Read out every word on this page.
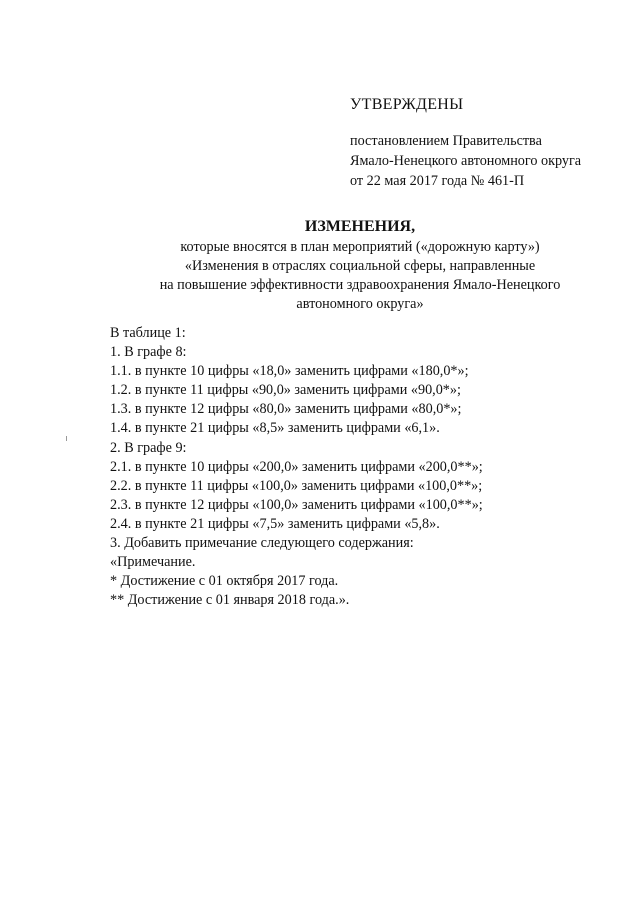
УТВЕРЖДЕНЫ
постановлением Правительства
Ямало-Ненецкого автономного округа
от 22 мая 2017 года № 461-П
ИЗМЕНЕНИЯ,
которые вносятся в план мероприятий («дорожную карту»)
«Изменения в отраслях социальной сферы, направленные
на повышение эффективности здравоохранения Ямало-Ненецкого
автономного округа»
В таблице 1:
1. В графе 8:
1.1. в пункте 10 цифры «18,0» заменить цифрами «180,0*»;
1.2. в пункте 11 цифры «90,0» заменить цифрами «90,0*»;
1.3. в пункте 12 цифры «80,0» заменить цифрами «80,0*»;
1.4. в пункте 21 цифры «8,5» заменить цифрами «6,1».
2. В графе 9:
2.1. в пункте 10 цифры «200,0» заменить цифрами «200,0**»;
2.2. в пункте 11 цифры «100,0» заменить цифрами «100,0**»;
2.3. в пункте 12 цифры «100,0» заменить цифрами «100,0**»;
2.4. в пункте 21 цифры «7,5» заменить цифрами «5,8».
3. Добавить примечание следующего содержания:
«Примечание.
* Достижение с 01 октября 2017 года.
** Достижение с 01 января 2018 года.».
